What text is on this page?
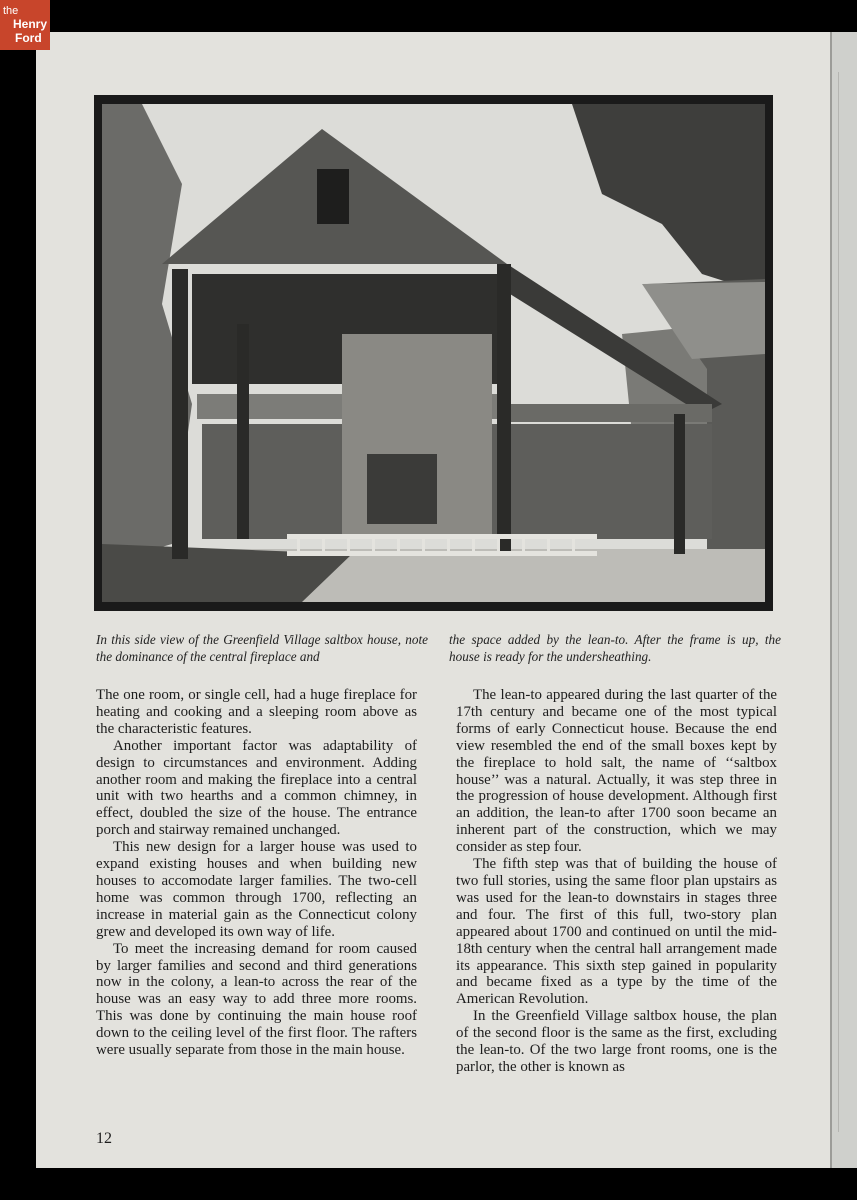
the
Henry
Ford
In this side view of the Greenfield Village saltbox house, note the dominance of the central fireplace and
the space added by the lean-to. After the frame is up, the house is ready for the undersheathing.

The one room, or single cell, had a huge fireplace for heating and cooking and a sleeping room above as the characteristic features.

Another important factor was adaptability of design to circumstances and environment. Adding another room and making the fireplace into a central unit with two hearths and a common chimney, in effect, doubled the size of the house. The entrance porch and stairway remained unchanged.

This new design for a larger house was used to expand existing houses and when building new houses to accomodate larger families. The two-cell home was common through 1700, reflecting an increase in material gain as the Connecticut colony grew and developed its own way of life.

To meet the increasing demand for room caused by larger families and second and third generations now in the colony, a lean-to across the rear of the house was an easy way to add three more rooms. This was done by continuing the main house roof down to the ceiling level of the first floor. The rafters were usually separate from those in the main house.

The lean-to appeared during the last quarter of the 17th century and became one of the most typical forms of early Connecticut house. Because the end view resembled the end of the small boxes kept by the fireplace to hold salt, the name of ‘‘saltbox house’’ was a natural. Actually, it was step three in the progression of house development. Although first an addition, the lean-to after 1700 soon became an inherent part of the construction, which we may consider as step four.

The fifth step was that of building the house of two full stories, using the same floor plan upstairs as was used for the lean-to downstairs in stages three and four. The first of this full, two-story plan appeared about 1700 and continued on until the mid-18th century when the central hall arrangement made its appearance. This sixth step gained in popularity and became fixed as a type by the time of the American Revolution.

In the Greenfield Village saltbox house, the plan of the second floor is the same as the first, excluding the lean-to. Of the two large front rooms, one is the parlor, the other is known as

12
